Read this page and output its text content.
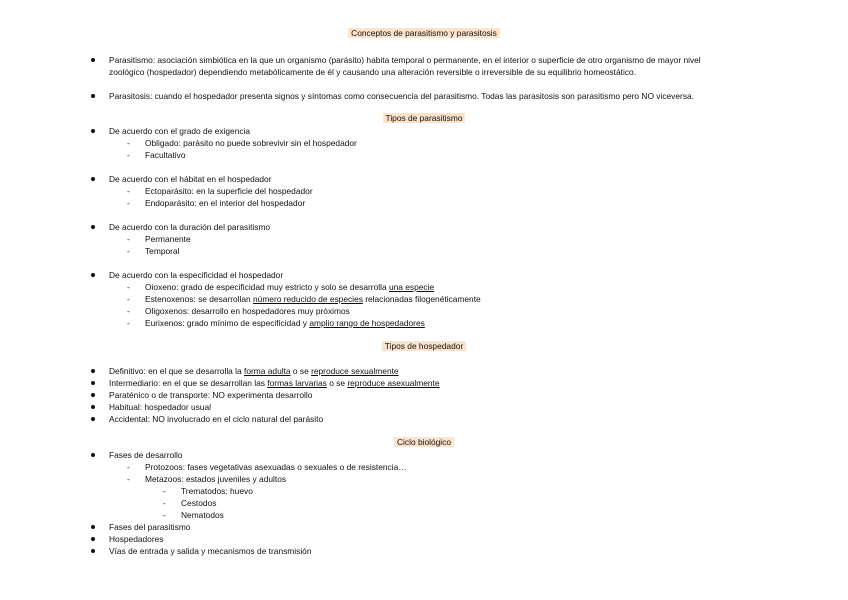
Conceptos de parasitismo y parasitosis
Parasitismo: asociación simbiótica en la que un organismo (parásito) habita temporal o permanente, en el interior o superficie de otro organismo de mayor nivel
zoológico (hospedador) dependiendo metabólicamente de él y causando una alteración reversible o irreversible de su equilibrio homeostático.
Parasitosis: cuando el hospedador presenta signos y síntomas como consecuencia del parasitismo. Todas las parasitosis son parasitismo pero NO viceversa.
Tipos de parasitismo
De acuerdo con el grado de exigencia
- Obligado: parásito no puede sobrevivir sin el hospedador
- Facultativo
De acuerdo con el hábitat en el hospedador
- Ectoparásito: en la superficie del hospedador
- Endoparásito: en el interior del hospedador
De acuerdo con la duración del parasitismo
- Permanente
- Temporal
De acuerdo con la especificidad el hospedador
- Oioxeno: grado de especificidad muy estricto y solo se desarrolla una especie
- Estenoxenos: se desarrollan número reducido de especies relacionadas filogenéticamente
- Oligoxenos: desarrollo en hospedadores muy próximos
- Eurixenos: grado mínimo de especificidad y amplio rango de hospedadores
Tipos de hospedador
Definitivo: en el que se desarrolla la forma adulta o se reproduce sexualmente
Intermediario: en el que se desarrollan las formas larvarias o se reproduce asexualmente
Paraténico o de transporte: NO experimenta desarrollo
Habitual: hospedador usual
Accidental: NO involucrado en el ciclo natural del parásito
Ciclo biológico
Fases de desarrollo
- Protozoos: fases vegetativas asexuadas o sexuales o de resistencia…
- Metazoos: estados juveniles y adultos
- Trematodos: huevo
- Cestodos
- Nematodos
Fases del parasitismo
Hospedadores
Vías de entrada y salida y mecanismos de transmisión
